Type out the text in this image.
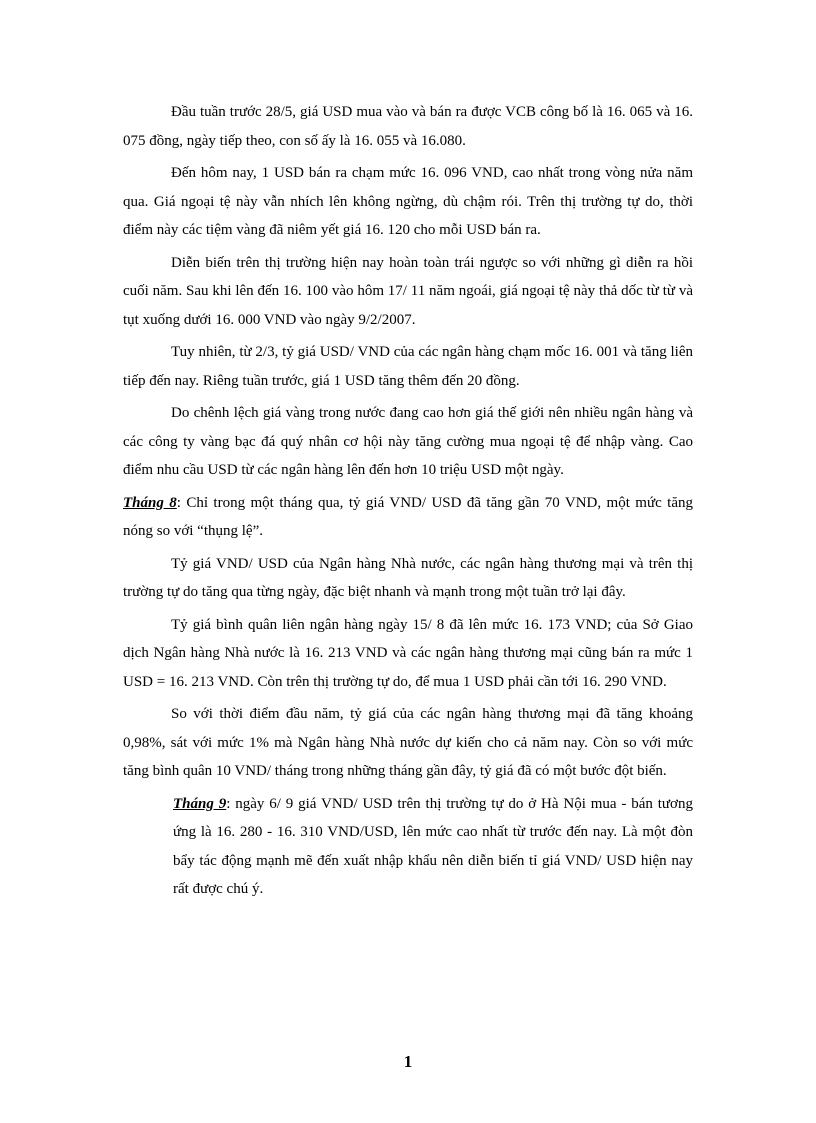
Đầu tuần trước 28/5, giá USD mua vào và bán ra được VCB công bố là 16. 065 và 16. 075 đồng, ngày tiếp theo, con số ấy là 16. 055 và 16.080.

Đến hôm nay, 1 USD bán ra chạm mức 16. 096 VND, cao nhất trong vòng nửa năm qua. Giá ngoại tệ này vẫn nhích lên không ngừng, dù chậm rói. Trên thị trường tự do, thời điểm này các tiệm vàng đã niêm yết giá 16. 120 cho mỗi USD bán ra.

Diễn biến trên thị trường hiện nay hoàn toàn trái ngược so với những gì diễn ra hồi cuối năm. Sau khi lên đến 16. 100 vào hôm 17/ 11 năm ngoái, giá ngoại tệ này thả dốc từ từ và tụt xuống dưới 16. 000 VND vào ngày 9/2/2007.

Tuy nhiên, từ 2/3, tỷ giá USD/ VND của các ngân hàng chạm mốc 16. 001 và tăng liên tiếp đến nay. Riêng tuần trước, giá 1 USD tăng thêm đến 20 đồng.

Do chênh lệch giá vàng trong nước đang cao hơn giá thế giới nên nhiều ngân hàng và các công ty vàng bạc đá quý nhân cơ hội này tăng cường mua ngoại tệ để nhập vàng. Cao điểm nhu cầu USD từ các ngân hàng lên đến hơn 10 triệu USD một ngày.

Tháng 8: Chỉ trong một tháng qua, tỷ giá VND/ USD đã tăng gần 70 VND, một mức tăng nóng so với “thụng lệ”.

Tỷ giá VND/ USD của Ngân hàng Nhà nước, các ngân hàng thương mại và trên thị trường tự do tăng qua từng ngày, đặc biệt nhanh và mạnh trong một tuần trở lại đây.

Tỷ giá bình quân liên ngân hàng ngày 15/ 8 đã lên mức 16. 173 VND; của Sở Giao dịch Ngân hàng Nhà nước là 16. 213 VND và các ngân hàng thương mại cũng bán ra mức 1 USD = 16. 213 VND. Còn trên thị trường tự do, để mua 1 USD phải cần tới 16. 290 VND.

So với thời điểm đầu năm, tỷ giá của các ngân hàng thương mại đã tăng khoảng 0,98%, sát với mức 1% mà Ngân hàng Nhà nước dự kiến cho cả năm nay. Còn so với mức tăng bình quân 10 VND/ tháng trong những tháng gần đây, tỷ giá đã có một bước đột biến.

Tháng 9: ngày 6/ 9 giá VND/ USD trên thị trường tự do ở Hà Nội mua - bán tương ứng là 16. 280 - 16. 310 VND/USD, lên mức cao nhất từ trước đến nay. Là một đòn bẩy tác động mạnh mẽ đến xuất nhập khẩu nên diễn biến tỉ giá VND/ USD hiện nay rất được chú ý.

1
